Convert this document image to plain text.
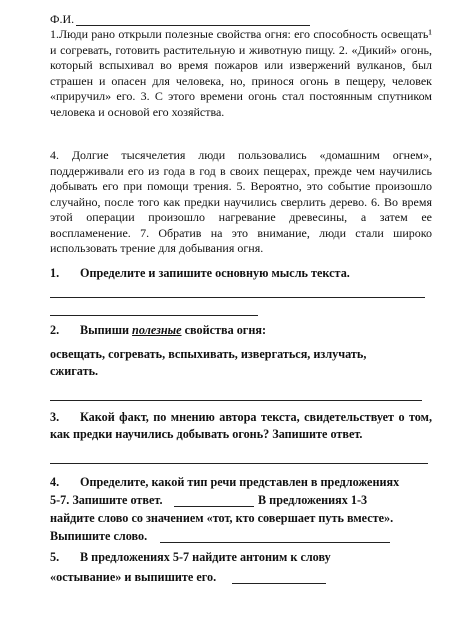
Ф.И.
1.Люди рано открыли полезные свойства огня: его способность освещать¹ и согревать, готовить растительную и животную пищу. 2. «Дикий» огонь, который вспыхивал во время пожаров или извержений вулканов, был страшен и опасен для человека, но, принося огонь в пещеру, человек «приручил» его. 3. С этого времени огонь стал постоянным спутником человека и основой его хозяйства.
4. Долгие тысячелетия люди пользовались «домашним огнем», поддерживали его из года в год в своих пещерах, прежде чем научились добывать его при помощи трения. 5. Вероятно, это событие произошло случайно, после того как предки научились сверлить дерево. 6. Во время этой операции произошло нагревание древесины, а затем ее воспламенение. 7. Обратив на это внимание, люди стали широко использовать трение для добывания огня.
1. Определите и запишите основную мысль текста.
2. Выпиши полезные свойства огня:
освещать, согревать, вспыхивать, извергаться, излучать, сжигать.
3. Какой факт, по мнению автора текста, свидетельствует о том, как предки научились добывать огонь? Запишите ответ.
4. Определите, какой тип речи представлен в предложениях
5-7. Запишите ответ.	В предложениях 1-3
найдите слово со значением «тот, кто совершает путь вместе».
Выпишите слово.
5. В предложениях 5-7 найдите антоним к слову
«остывание» и выпишите его.
